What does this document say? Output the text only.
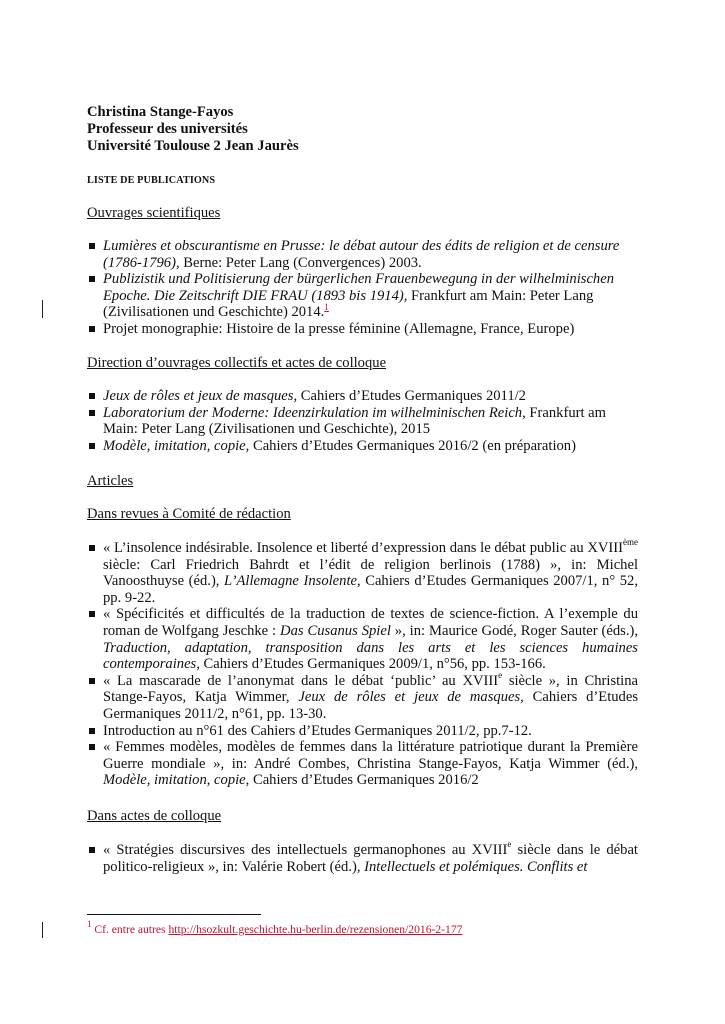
Christina Stange-Fayos
Professeur des universités
Université Toulouse 2 Jean Jaurès
LISTE DE PUBLICATIONS
Ouvrages scientifiques
Lumières et obscurantisme en Prusse: le débat autour des édits de religion et de censure (1786-1796), Berne: Peter Lang (Convergences) 2003.
Publizistik und Politisierung der bürgerlichen Frauenbewegung in der wilhelminischen Epoche. Die Zeitschrift DIE FRAU (1893 bis 1914), Frankfurt am Main: Peter Lang (Zivilisationen und Geschichte) 2014.$^1$
Projet monographie: Histoire de la presse féminine (Allemagne, France, Europe)
Direction d’ouvrages collectifs et actes de colloque
Jeux de rôles et jeux de masques, Cahiers d’Etudes Germaniques 2011/2
Laboratorium der Moderne: Ideenzirkulation im wilhelminischen Reich, Frankfurt am Main: Peter Lang (Zivilisationen und Geschichte), 2015
Modèle, imitation, copie, Cahiers d’Etudes Germaniques 2016/2 (en préparation)
Articles
Dans revues à Comité de rédaction
« L’insolence indésirable. Insolence et liberté d’expression dans le débat public au XVIIIème siècle: Carl Friedrich Bahrdt et l’édit de religion berlinois (1788) », in: Michel Vanoosthuyse (éd.), L’Allemagne Insolente, Cahiers d’Etudes Germaniques 2007/1, n° 52, pp. 9-22.
« Spécificités et difficultés de la traduction de textes de science-fiction. A l’exemple du roman de Wolfgang Jeschke : Das Cusanus Spiel », in: Maurice Godé, Roger Sauter (éds.), Traduction, adaptation, transposition dans les arts et les sciences humaines contemporaines, Cahiers d’Etudes Germaniques 2009/1, n°56, pp. 153-166.
« La mascarade de l’anonymat dans le débat ‘public’ au XVIIIe siècle », in Christina Stange-Fayos, Katja Wimmer, Jeux de rôles et jeux de masques, Cahiers d’Etudes Germaniques 2011/2, n°61, pp. 13-30.
Introduction au n°61 des Cahiers d’Etudes Germaniques 2011/2, pp.7-12.
« Femmes modèles, modèles de femmes dans la littérature patriotique durant la Première Guerre mondiale », in: André Combes, Christina Stange-Fayos, Katja Wimmer (éd.), Modèle, imitation, copie, Cahiers d’Etudes Germaniques 2016/2
Dans actes de colloque
« Stratégies discursives des intellectuels germanophones au XVIIIe siècle dans le débat politico-religieux », in: Valérie Robert (éd.), Intellectuels et polémiques. Conflits et
$^1$ Cf. entre autres http://hsozkult.geschichte.hu-berlin.de/rezensionen/2016-2-177
